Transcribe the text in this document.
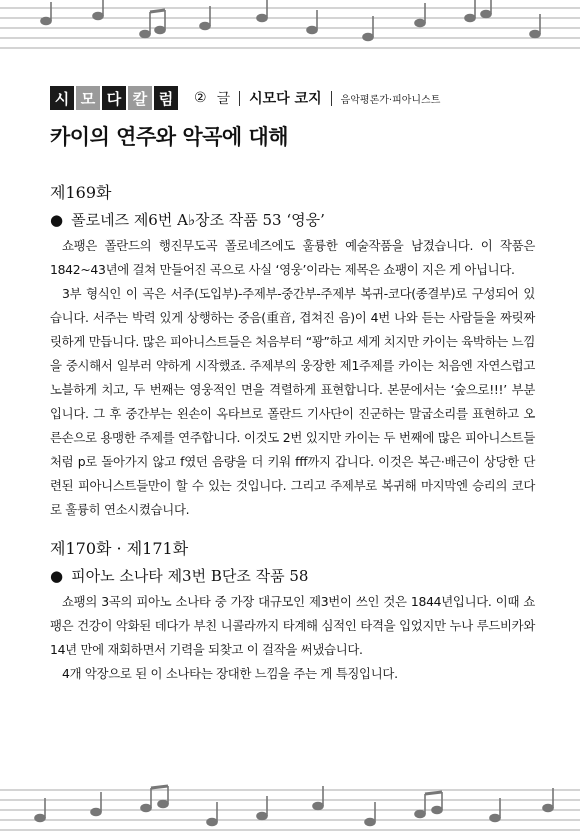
시 모 다 칼 럼	② 글 시모다 코지 음악평론가·피아니스트
카이의 연주와 악곡에 대해
제169화
● 폴로네즈 제6번 A♭장조 작품 53 ‘영웅’

쇼팽은 폴란드의 행진무도곡 폴로네즈에도 훌륭한 예술작품을 남겼습니다. 이 작품은 1842~43년에 걸쳐 만들어진 곡으로 사실 ‘영웅’이라는 제목은 쇼팽이 지은 게 아닙니다.

3부 형식인 이 곡은 서주(도입부)-주제부-중간부-주제부 복귀-코다(종결부)로 구성되어 있습니다. 서주는 박력 있게 상행하는 중음(重音, 겹쳐진 음)이 4번 나와 듣는 사람들을 짜릿짜릿하게 만듭니다. 많은 피아니스트들은 처음부터 “꽝”하고 세게 치지만 카이는 육박하는 느낌을 중시해서 일부러 약하게 시작했죠. 주제부의 웅장한 제1주제를 카이는 처음엔 자연스럽고 노블하게 치고, 두 번째는 영웅적인 면을 격렬하게 표현합니다. 본문에서는 ‘숲으로!!!’ 부분입니다. 그 후 중간부는 왼손이 옥타브로 폴란드 기사단이 진군하는 말굽소리를 표현하고 오른손으로 용맹한 주제를 연주합니다. 이것도 2번 있지만 카이는 두 번째에 많은 피아니스트들처럼 p로 돌아가지 않고 f였던 음량을 더 키워 fff까지 갑니다. 이것은 복근·배근이 상당한 단련된 피아니스트들만이 할 수 있는 것입니다. 그리고 주제부로 복귀해 마지막엔 승리의 코다로 훌륭히 연소시켰습니다.

제170화 · 제171화
● 피아노 소나타 제3번 B단조 작품 58

쇼팽의 3곡의 피아노 소나타 중 가장 대규모인 제3번이 쓰인 것은 1844년입니다. 이때 쇼팽은 건강이 악화된 데다가 부친 니콜라까지 타계해 심적인 타격을 입었지만 누나 루드비카와 14년 만에 재회하면서 기력을 되찾고 이 걸작을 써냈습니다.

4개 악장으로 된 이 소나타는 장대한 느낌을 주는 게 특징입니다.
